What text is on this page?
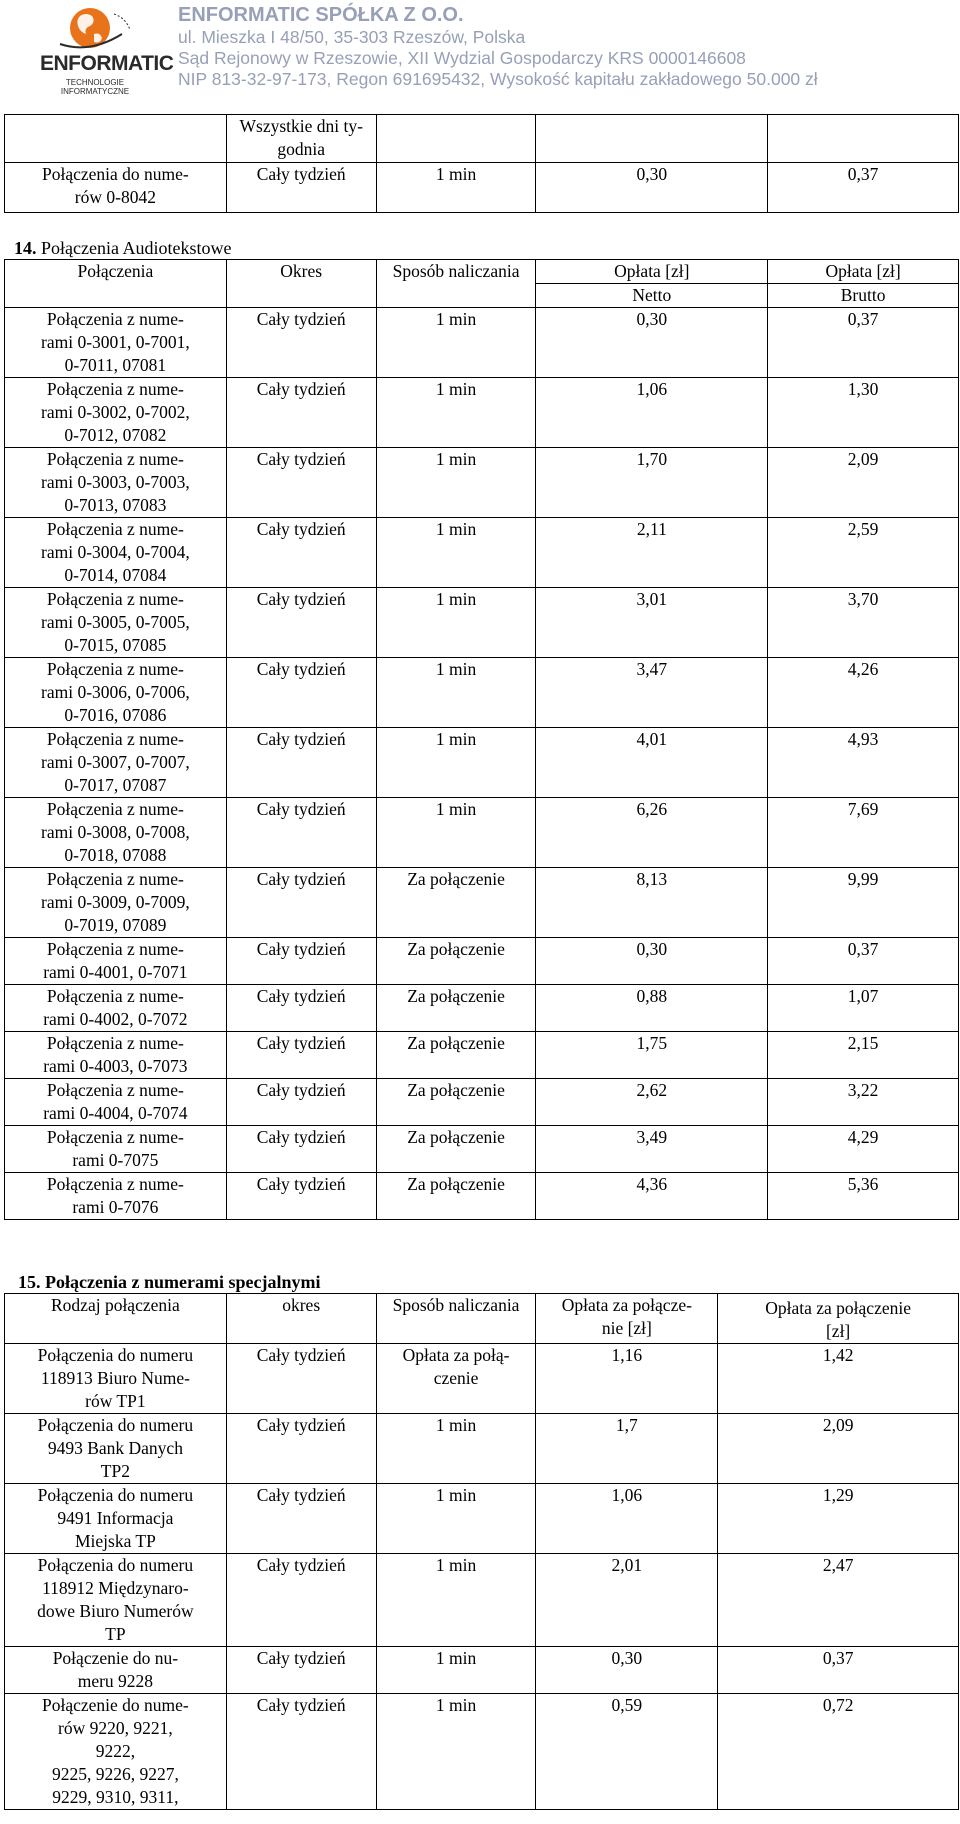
ENFORMATIC
TECHNOLOGIE INFORMATYCZNE
ENFORMATIC SPÓŁKA Z O.O.
ul. Mieszka I 48/50, 35-303 Rzeszów, Polska
Sąd Rejonowy w Rzeszowie, XII Wydzial Gospodarczy KRS 0000146608
NIP 813-32-97-173, Regon 691695432, Wysokość kapitału zakładowego 50.000 zł
	Wszystkie dni ty-
godnia			
Połączenia do nume-
rów 0-8042	Cały tydzień	1 min	0,30	0,37
14. Połączenia Audiotekstowe
Połączenia	Okres	Sposób naliczania	Opłata [zł]	Opłata [zł]
			Netto	Brutto
Połączenia z nume-
rami 0-3001, 0-7001,
0-7011, 07081	Cały tydzień	1 min	0,30	0,37
Połączenia z nume-
rami 0-3002, 0-7002,
0-7012, 07082	Cały tydzień	1 min	1,06	1,30
Połączenia z nume-
rami 0-3003, 0-7003,
0-7013, 07083	Cały tydzień	1 min	1,70	2,09
Połączenia z nume-
rami 0-3004, 0-7004,
0-7014, 07084	Cały tydzień	1 min	2,11	2,59
Połączenia z nume-
rami 0-3005, 0-7005,
0-7015, 07085	Cały tydzień	1 min	3,01	3,70
Połączenia z nume-
rami 0-3006, 0-7006,
0-7016, 07086	Cały tydzień	1 min	3,47	4,26
Połączenia z nume-
rami 0-3007, 0-7007,
0-7017, 07087	Cały tydzień	1 min	4,01	4,93
Połączenia z nume-
rami 0-3008, 0-7008,
0-7018, 07088	Cały tydzień	1 min	6,26	7,69
Połączenia z nume-
rami 0-3009, 0-7009,
0-7019, 07089	Cały tydzień	Za połączenie	8,13	9,99
Połączenia z nume-
rami 0-4001, 0-7071	Cały tydzień	Za połączenie	0,30	0,37
Połączenia z nume-
rami 0-4002, 0-7072	Cały tydzień	Za połączenie	0,88	1,07
Połączenia z nume-
rami 0-4003, 0-7073	Cały tydzień	Za połączenie	1,75	2,15
Połączenia z nume-
rami 0-4004, 0-7074	Cały tydzień	Za połączenie	2,62	3,22
Połączenia z nume-
rami 0-7075	Cały tydzień	Za połączenie	3,49	4,29
Połączenia z nume-
rami 0-7076	Cały tydzień	Za połączenie	4,36	5,36
15. Połączenia z numerami specjalnymi
Rodzaj połączenia	okres	Sposób naliczania	Opłata za połącze-
nie [zł]	Opłata za połączenie
[zł]
Połączenia do numeru
118913 Biuro Nume-
rów TP1	Cały tydzień	Opłata za połą-
czenie	1,16	1,42
Połączenia do numeru
9493 Bank Danych
TP2	Cały tydzień	1 min	1,7	2,09
Połączenia do numeru
9491 Informacja
Miejska TP	Cały tydzień	1 min	1,06	1,29
Połączenia do numeru
118912 Międzynaro-
dowe Biuro Numerów
TP	Cały tydzień	1 min	2,01	2,47
Połączenie do nu-
meru 9228	Cały tydzień	1 min	0,30	0,37
Połączenie do nume-
rów 9220, 9221,
9222,
9225, 9226, 9227,
9229, 9310, 9311,	Cały tydzień	1 min	0,59	0,72
